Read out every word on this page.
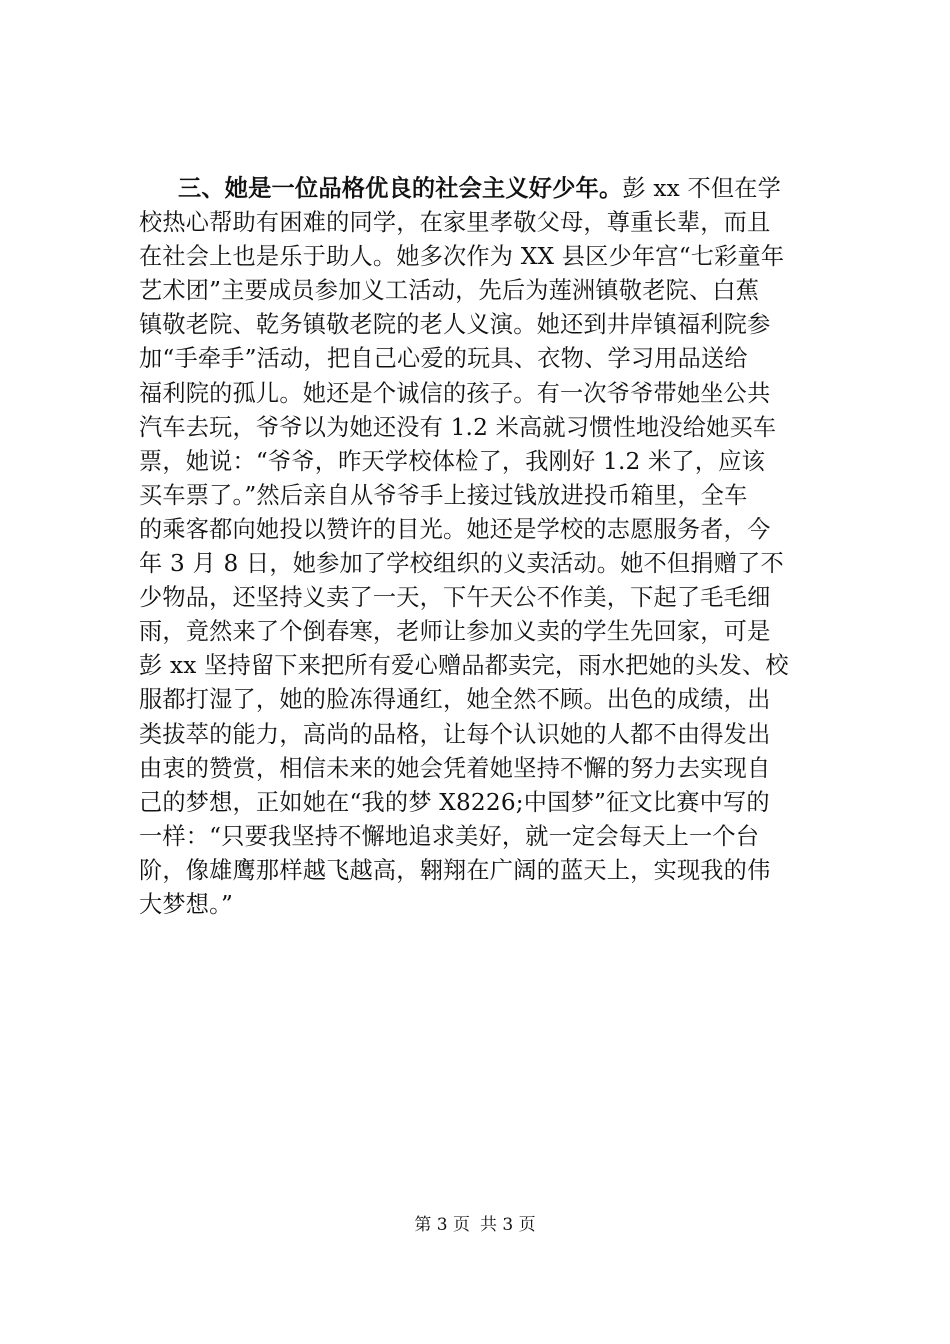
三、她是一位品格优良的社会主义好少年。彭 xx 不但在学
校热心帮助有困难的同学，在家里孝敬父母，尊重长辈，而且
在社会上也是乐于助人。她多次作为 XX 县区少年宫“七彩童年
艺术团”主要成员参加义工活动，先后为莲洲镇敬老院、白蕉
镇敬老院、乾务镇敬老院的老人义演。她还到井岸镇福利院参
加“手牵手”活动，把自己心爱的玩具、衣物、学习用品送给
福利院的孤儿。她还是个诚信的孩子。有一次爷爷带她坐公共
汽车去玩，爷爷以为她还没有 1.2 米高就习惯性地没给她买车
票，她说：“爷爷，昨天学校体检了，我刚好 1.2 米了，应该
买车票了。”然后亲自从爷爷手上接过钱放进投币箱里，全车
的乘客都向她投以赞许的目光。她还是学校的志愿服务者，今
年 3 月 8 日，她参加了学校组织的义卖活动。她不但捐赠了不
少物品，还坚持义卖了一天，下午天公不作美，下起了毛毛细
雨，竟然来了个倒春寒，老师让参加义卖的学生先回家，可是
彭 xx 坚持留下来把所有爱心赠品都卖完，雨水把她的头发、校
服都打湿了，她的脸冻得通红，她全然不顾。出色的成绩，出
类拔萃的能力，高尚的品格，让每个认识她的人都不由得发出
由衷的赞赏，相信未来的她会凭着她坚持不懈的努力去实现自
己的梦想，正如她在“我的梦 X8226;中国梦”征文比赛中写的
一样：“只要我坚持不懈地追求美好，就一定会每天上一个台
阶，像雄鹰那样越飞越高，翱翔在广阔的蓝天上，实现我的伟
大梦想。”
第 3 页 共 3 页
